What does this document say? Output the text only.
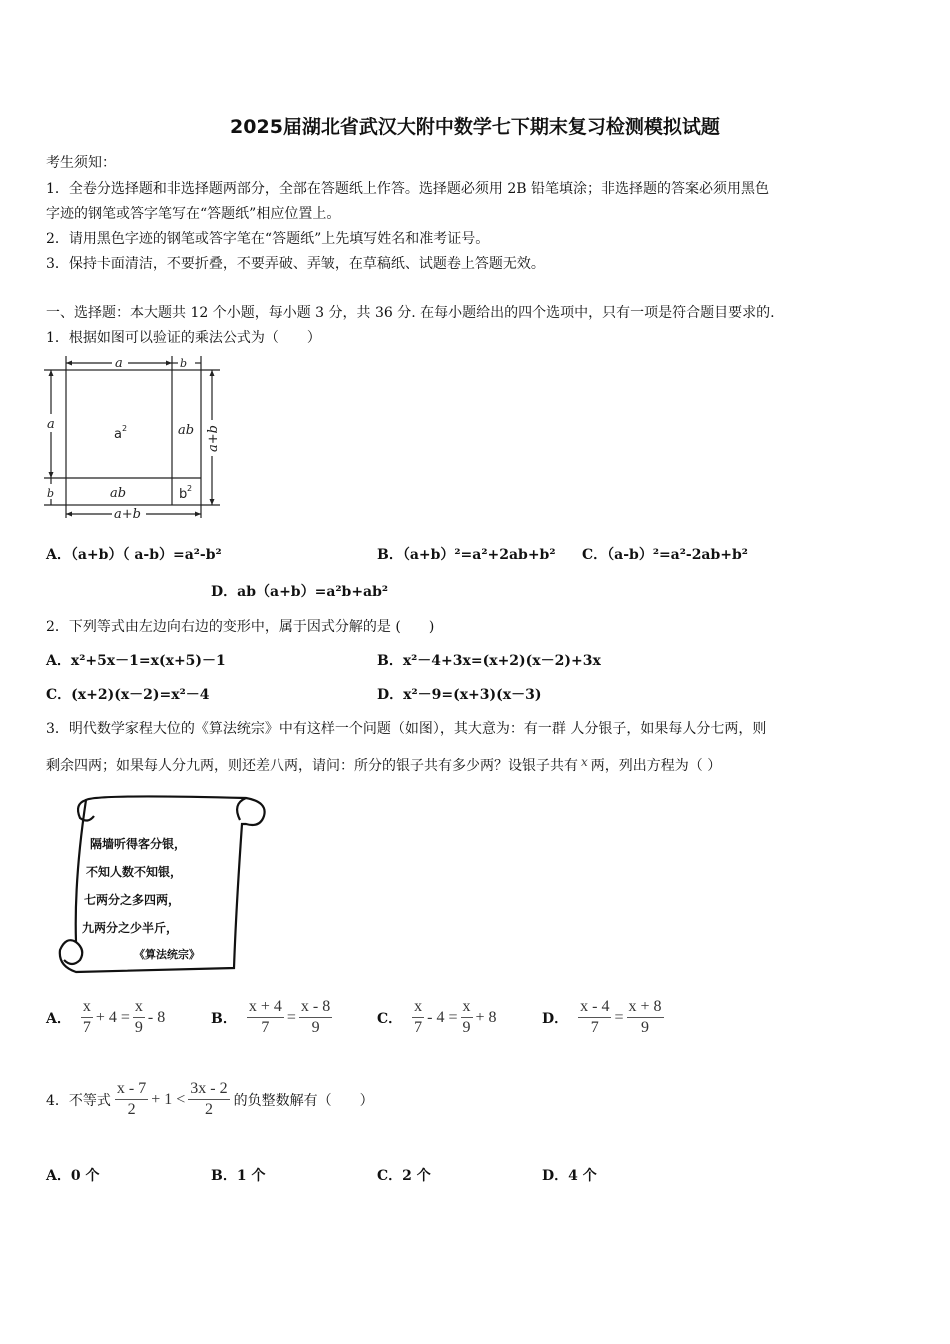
2025届湖北省武汉大附中数学七下期末复习检测模拟试题
考生须知：
1．全卷分选择题和非选择题两部分，全部在答题纸上作答。选择题必须用 2B 铅笔填涂；非选择题的答案必须用黑色
字迹的钢笔或答字笔写在“答题纸”相应位置上。
2．请用黑色字迹的钢笔或答字笔在“答题纸”上先填写姓名和准考证号。
3．保持卡面清洁，不要折叠，不要弄破、弄皱，在草稿纸、试题卷上答题无效。
一、选择题：本大题共 12 个小题，每小题 3 分，共 36 分. 在每小题给出的四个选项中，只有一项是符合题目要求的.
1．根据如图可以验证的乘法公式为（　　）
a	b
a
b
ab
ab
a+b
a+b
a 2
b 2
A．（a+b）（ a-b）=a²-b²	B．（a+b）²=a²+2ab+b² C．（a-b）²=a²-2ab+b²
D．ab（a+b）=a²b+ab²
2．下列等式由左边向右边的变形中，属于因式分解的是 (　　)
A．x²+5x－1=x(x+5)－1	B．x²－4+3x=(x+2)(x－2)+3x
C．(x+2)(x－2)=x²－4	D．x²－9=(x+3)(x－3)
3．明代数学家程大位的《算法统宗》中有这样一个问题（如图），其大意为：有一群 人分银子，如果每人分七两，则
剩余四两；如果每人分九两，则还差八两，请问：所分的银子共有多少两？设银子共有 x 两，列出方程为（ ）
隔墙听得客分银，
不知人数不知银，
七两分之多四两，
九两分之少半斤，
《算法统宗》
A． $\frac{x}{7} + 4 = \frac{x}{9} - 8$	B． $\frac{x + 4}{7} = \frac{x - 8}{9}$	C． $\frac{x}{7} - 4 = \frac{x}{9} + 8$	D． $\frac{x - 4}{7} = \frac{x + 8}{9}$
4．不等式 $\frac{x - 7}{2} + 1 < \frac{3x - 2}{2}$ 的负整数解有（　　）
A．0 个	B．1 个	C．2 个	D．4 个
